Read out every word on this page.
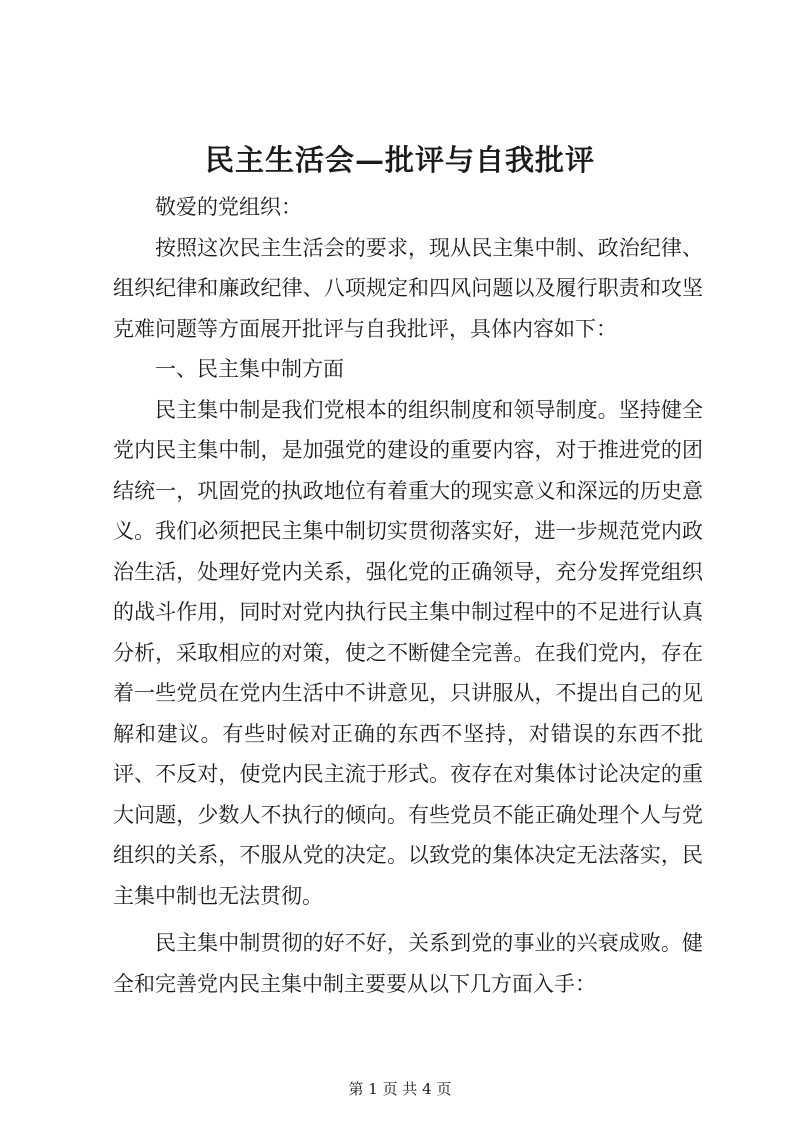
民主生活会—批评与自我批评

敬爱的党组织：

按照这次民主生活会的要求，现从民主集中制、政治纪律、组织纪律和廉政纪律、八项规定和四风问题以及履行职责和攻坚克难问题等方面展开批评与自我批评，具体内容如下：

一、民主集中制方面

民主集中制是我们党根本的组织制度和领导制度。坚持健全党内民主集中制，是加强党的建设的重要内容，对于推进党的团结统一，巩固党的执政地位有着重大的现实意义和深远的历史意义。我们必须把民主集中制切实贯彻落实好，进一步规范党内政治生活，处理好党内关系，强化党的正确领导，充分发挥党组织的战斗作用，同时对党内执行民主集中制过程中的不足进行认真分析，采取相应的对策，使之不断健全完善。在我们党内，存在着一些党员在党内生活中不讲意见，只讲服从，不提出自己的见解和建议。有些时候对正确的东西不坚持，对错误的东西不批评、不反对，使党内民主流于形式。夜存在对集体讨论决定的重大问题，少数人不执行的倾向。有些党员不能正确处理个人与党组织的关系，不服从党的决定。以致党的集体决定无法落实，民主集中制也无法贯彻。

民主集中制贯彻的好不好，关系到党的事业的兴衰成败。健全和完善党内民主集中制主要要从以下几方面入手：

第 1 页 共 4 页
